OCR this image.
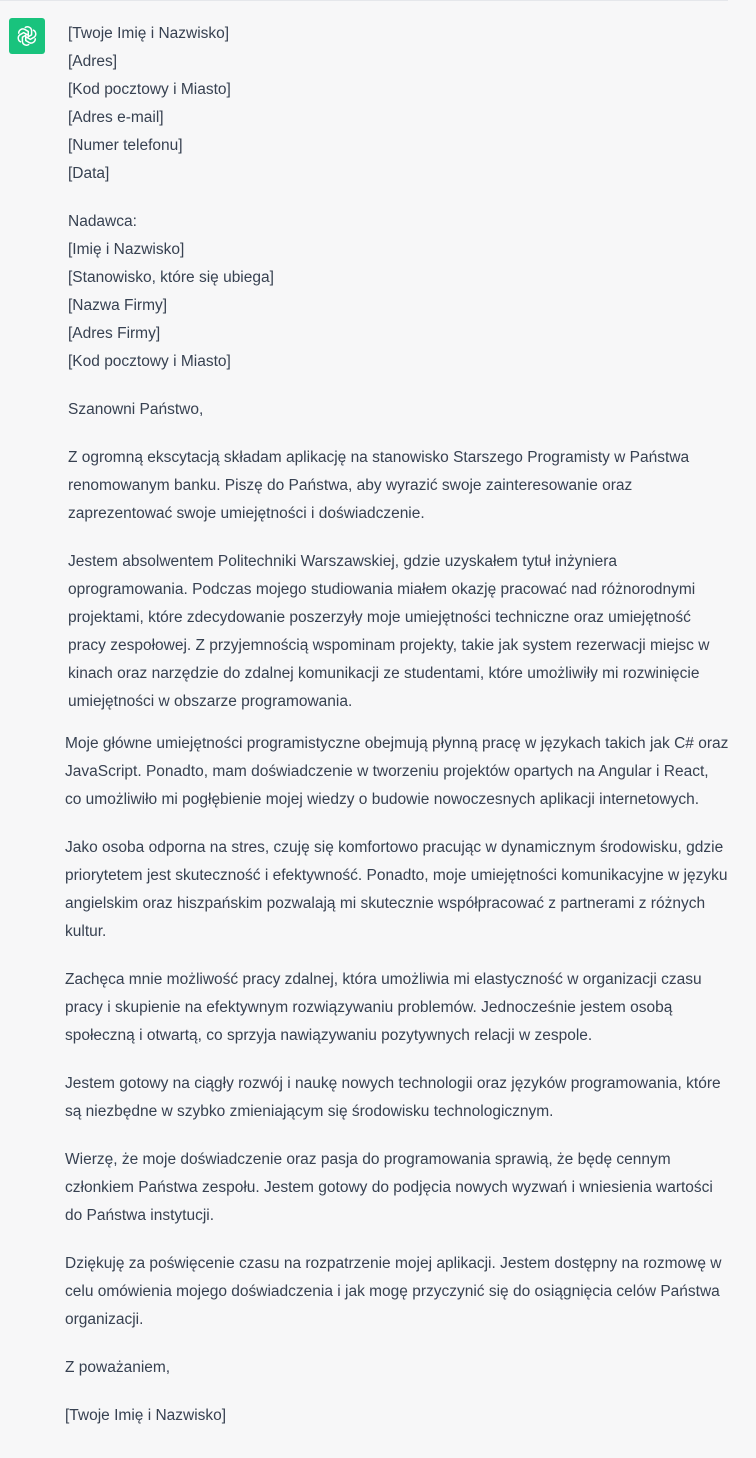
[Twoje Imię i Nazwisko]
[Adres]
[Kod pocztowy i Miasto]
[Adres e-mail]
[Numer telefonu]
[Data]
Nadawca:
[Imię i Nazwisko]
[Stanowisko, które się ubiega]
[Nazwa Firmy]
[Adres Firmy]
[Kod pocztowy i Miasto]

Szanowni Państwo,

Z ogromną ekscytacją składam aplikację na stanowisko Starszego Programisty w Państwa renomowanym banku. Piszę do Państwa, aby wyrazić swoje zainteresowanie oraz zaprezentować swoje umiejętności i doświadczenie.

Jestem absolwentem Politechniki Warszawskiej, gdzie uzyskałem tytuł inżyniera oprogramowania. Podczas mojego studiowania miałem okazję pracować nad różnorodnymi projektami, które zdecydowanie poszerzyły moje umiejętności techniczne oraz umiejętność pracy zespołowej. Z przyjemnością wspominam projekty, takie jak system rezerwacji miejsc w kinach oraz narzędzie do zdalnej komunikacji ze studentami, które umożliwiły mi rozwinięcie umiejętności w obszarze programowania.

Moje główne umiejętności programistyczne obejmują płynną pracę w językach takich jak C# oraz JavaScript. Ponadto, mam doświadczenie w tworzeniu projektów opartych na Angular i React, co umożliwiło mi pogłębienie mojej wiedzy o budowie nowoczesnych aplikacji internetowych.

Jako osoba odporna na stres, czuję się komfortowo pracując w dynamicznym środowisku, gdzie priorytetem jest skuteczność i efektywność. Ponadto, moje umiejętności komunikacyjne w języku angielskim oraz hiszpańskim pozwalają mi skutecznie współpracować z partnerami z różnych kultur.

Zachęca mnie możliwość pracy zdalnej, która umożliwia mi elastyczność w organizacji czasu pracy i skupienie na efektywnym rozwiązywaniu problemów. Jednocześnie jestem osobą społeczną i otwartą, co sprzyja nawiązywaniu pozytywnych relacji w zespole.

Jestem gotowy na ciągły rozwój i naukę nowych technologii oraz języków programowania, które są niezbędne w szybko zmieniającym się środowisku technologicznym.

Wierzę, że moje doświadczenie oraz pasja do programowania sprawią, że będę cennym członkiem Państwa zespołu. Jestem gotowy do podjęcia nowych wyzwań i wniesienia wartości do Państwa instytucji.

Dziękuję za poświęcenie czasu na rozpatrzenie mojej aplikacji. Jestem dostępny na rozmowę w celu omówienia mojego doświadczenia i jak mogę przyczynić się do osiągnięcia celów Państwa organizacji.

Z poważaniem,

[Twoje Imię i Nazwisko]
